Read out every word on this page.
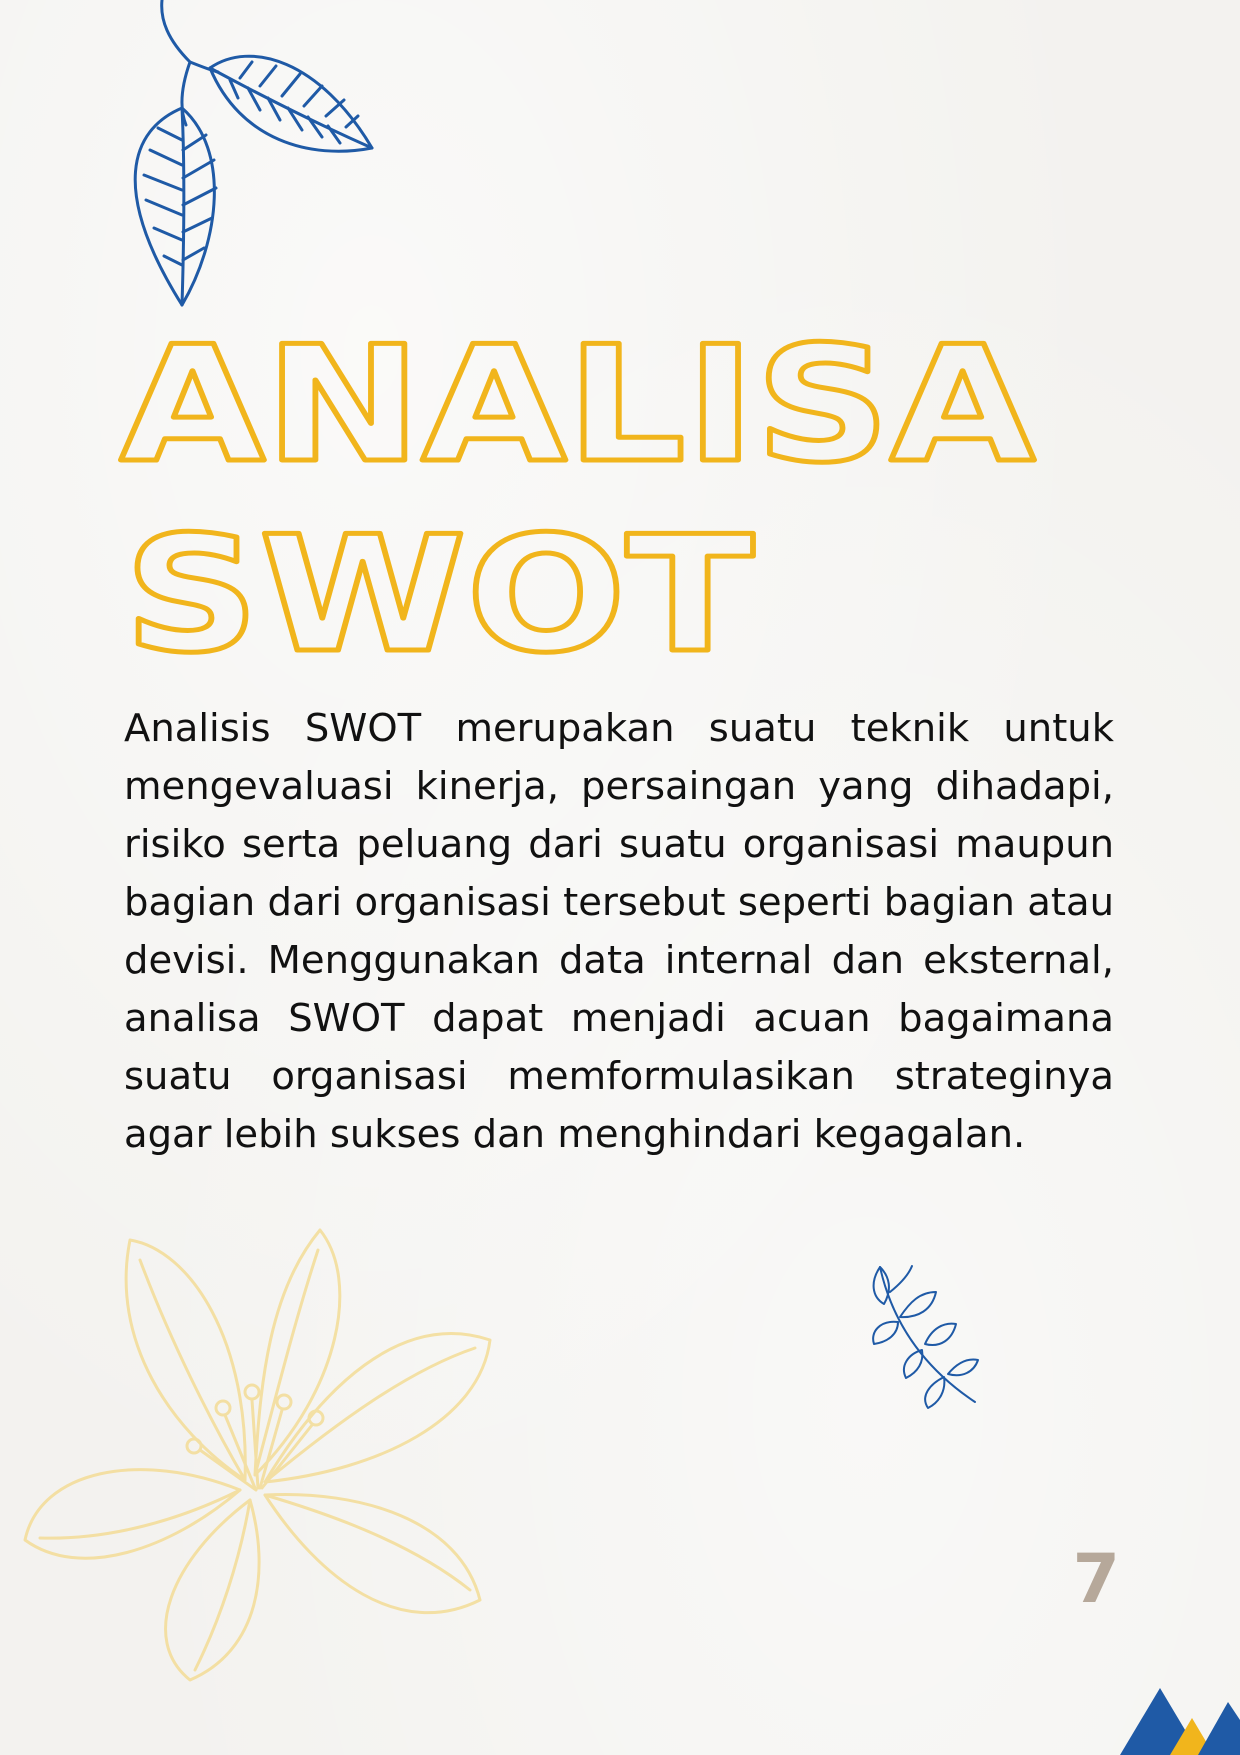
ANALISA
SWOT

Analisis SWOT merupakan suatu teknik untuk mengevaluasi kinerja, persaingan yang dihadapi, risiko serta peluang dari suatu organisasi maupun bagian dari organisasi tersebut seperti bagian atau devisi. Menggunakan data internal dan eksternal, analisa SWOT dapat menjadi acuan bagaimana suatu organisasi memformulasikan strateginya agar lebih sukses dan menghindari kegagalan.

7
